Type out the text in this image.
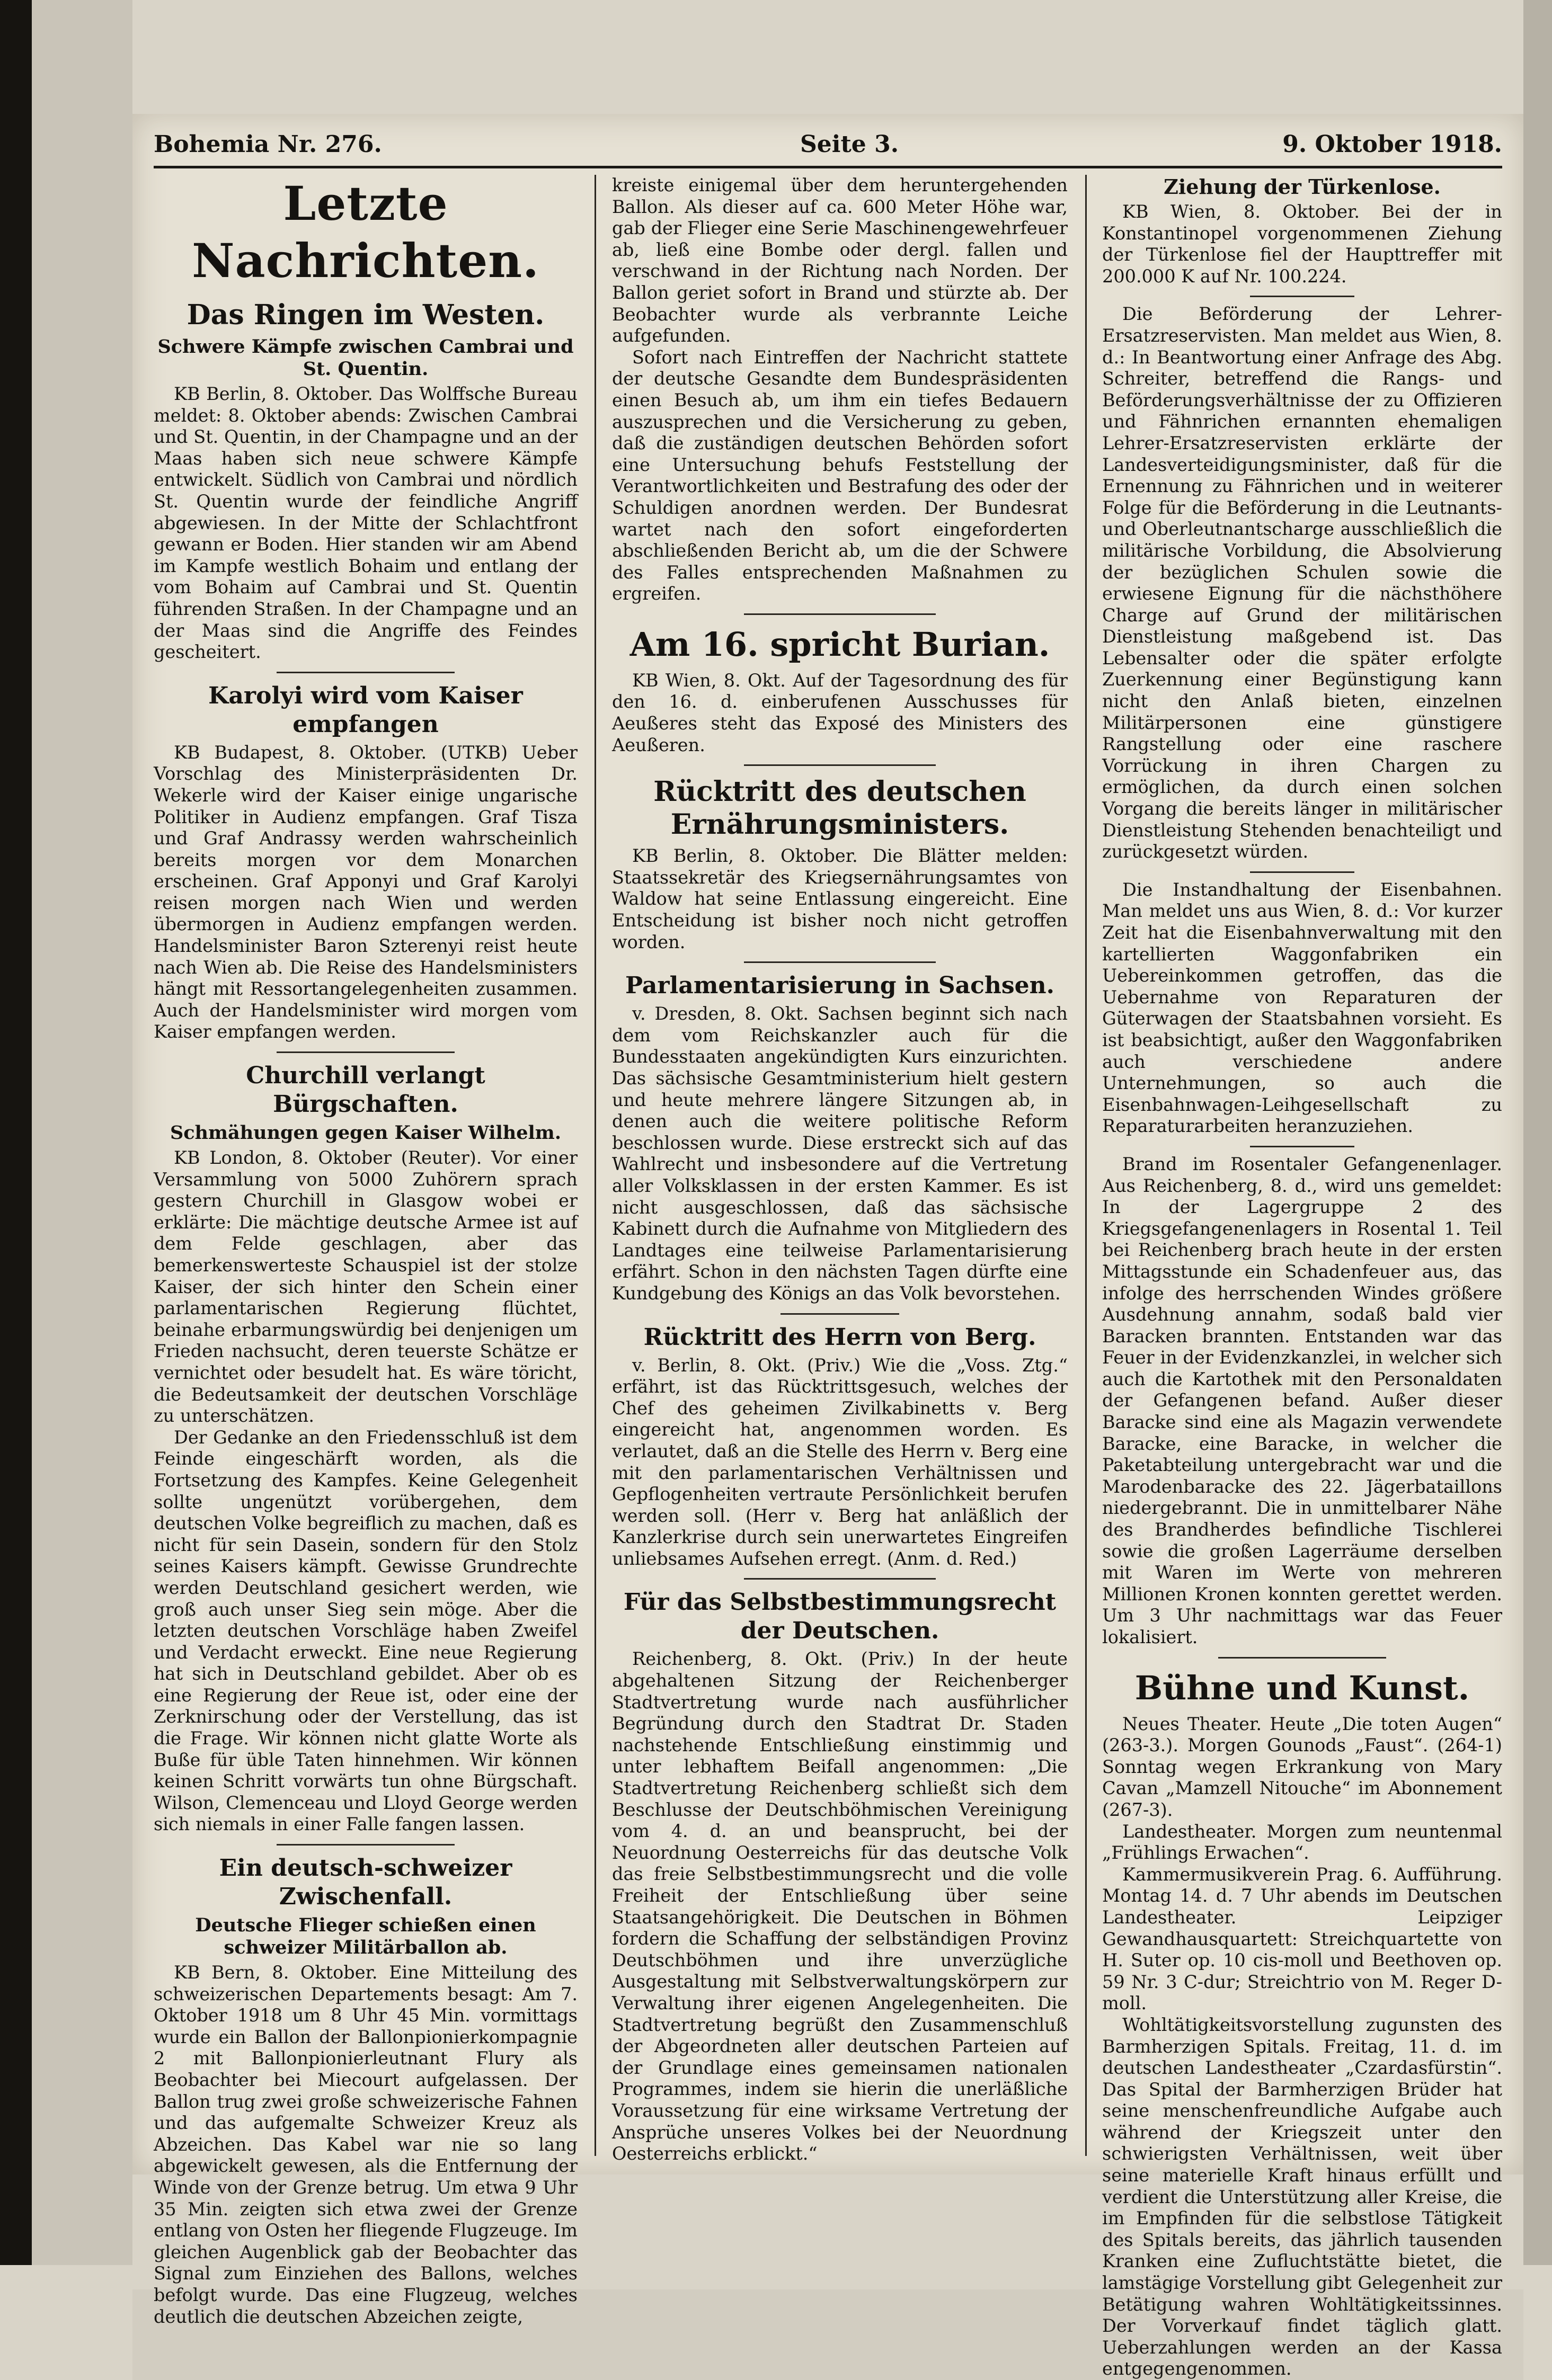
Bohemia Nr. 276.	Seite 3.	9. Oktober 1918.
Letzte Nachrichten.
Das Ringen im Westen.

Schwere Kämpfe zwischen Cambrai und St. Quentin.

KB Berlin, 8. Oktober. Das Wolffsche Bureau meldet: 8. Oktober abends: Zwischen Cambrai und St. Quentin, in der Champagne und an der Maas haben sich neue schwere Kämpfe entwickelt. Südlich von Cambrai und nördlich St. Quentin wurde der feindliche Angriff abgewiesen. In der Mitte der Schlachtfront gewann er Boden. Hier standen wir am Abend im Kampfe westlich Bohaim und entlang der vom Bohaim auf Cambrai und St. Quentin führenden Straßen. In der Champagne und an der Maas sind die Angriffe des Feindes gescheitert.

Karolyi wird vom Kaiser empfangen

KB Budapest, 8. Oktober. (UTKB) Ueber Vorschlag des Ministerpräsidenten Dr. Wekerle wird der Kaiser einige ungarische Politiker in Audienz empfangen. Graf Tisza und Graf Andrassy werden wahrscheinlich bereits morgen vor dem Monarchen erscheinen. Graf Apponyi und Graf Karolyi reisen morgen nach Wien und werden übermorgen in Audienz empfangen werden. Handelsminister Baron Szterenyi reist heute nach Wien ab. Die Reise des Handelsministers hängt mit Ressortangelegenheiten zusammen. Auch der Handelsminister wird morgen vom Kaiser empfangen werden.

Churchill verlangt Bürgschaften.

Schmähungen gegen Kaiser Wilhelm.

KB London, 8. Oktober (Reuter). Vor einer Versammlung von 5000 Zuhörern sprach gestern Churchill in Glasgow wobei er erklärte: Die mächtige deutsche Armee ist auf dem Felde geschlagen, aber das bemerkenswerteste Schauspiel ist der stolze Kaiser, der sich hinter den Schein einer parlamentarischen Regierung flüchtet, beinahe erbarmungswürdig bei denjenigen um Frieden nachsucht, deren teuerste Schätze er vernichtet oder besudelt hat. Es wäre töricht, die Bedeutsamkeit der deutschen Vorschläge zu unterschätzen.

Der Gedanke an den Friedensschluß ist dem Feinde eingeschärft worden, als die Fortsetzung des Kampfes. Keine Gelegenheit sollte ungenützt vorübergehen, dem deutschen Volke begreiflich zu machen, daß es nicht für sein Dasein, sondern für den Stolz seines Kaisers kämpft. Gewisse Grundrechte werden Deutschland gesichert werden, wie groß auch unser Sieg sein möge. Aber die letzten deutschen Vorschläge haben Zweifel und Verdacht erweckt. Eine neue Regierung hat sich in Deutschland gebildet. Aber ob es eine Regierung der Reue ist, oder eine der Zerknirschung oder der Verstellung, das ist die Frage. Wir können nicht glatte Worte als Buße für üble Taten hinnehmen. Wir können keinen Schritt vorwärts tun ohne Bürgschaft. Wilson, Clemenceau und Lloyd George werden sich niemals in einer Falle fangen lassen.

Ein deutsch-schweizer Zwischenfall.

Deutsche Flieger schießen einen schweizer Militärballon ab.

KB Bern, 8. Oktober. Eine Mitteilung des schweizerischen Departements besagt: Am 7. Oktober 1918 um 8 Uhr 45 Min. vormittags wurde ein Ballon der Ballonpionierkompagnie 2 mit Ballonpionierleutnant Flury als Beobachter bei Miecourt aufgelassen. Der Ballon trug zwei große schweizerische Fahnen und das aufgemalte Schweizer Kreuz als Abzeichen. Das Kabel war nie so lang abgewickelt gewesen, als die Entfernung der Winde von der Grenze betrug. Um etwa 9 Uhr 35 Min. zeigten sich etwa zwei der Grenze entlang von Osten her fliegende Flugzeuge. Im gleichen Augenblick gab der Beobachter das Signal zum Einziehen des Ballons, welches befolgt wurde. Das eine Flugzeug, welches deutlich die deutschen Abzeichen zeigte,

kreiste einigemal über dem heruntergehenden Ballon. Als dieser auf ca. 600 Meter Höhe war, gab der Flieger eine Serie Maschinengewehrfeuer ab, ließ eine Bombe oder dergl. fallen und verschwand in der Richtung nach Norden. Der Ballon geriet sofort in Brand und stürzte ab. Der Beobachter wurde als verbrannte Leiche aufgefunden.

Sofort nach Eintreffen der Nachricht stattete der deutsche Gesandte dem Bundespräsidenten einen Besuch ab, um ihm ein tiefes Bedauern auszusprechen und die Versicherung zu geben, daß die zuständigen deutschen Behörden sofort eine Untersuchung behufs Feststellung der Verantwortlichkeiten und Bestrafung des oder der Schuldigen anordnen werden. Der Bundesrat wartet nach den sofort eingeforderten abschließenden Bericht ab, um die der Schwere des Falles entsprechenden Maßnahmen zu ergreifen.

Am 16. spricht Burian.

KB Wien, 8. Okt. Auf der Tagesordnung des für den 16. d. einberufenen Ausschusses für Aeußeres steht das Exposé des Ministers des Aeußeren.

Rücktritt des deutschen Ernährungsministers.

KB Berlin, 8. Oktober. Die Blätter melden: Staatssekretär des Kriegsernährungsamtes von Waldow hat seine Entlassung eingereicht. Eine Entscheidung ist bisher noch nicht getroffen worden.

Parlamentarisierung in Sachsen.

v. Dresden, 8. Okt. Sachsen beginnt sich nach dem vom Reichskanzler auch für die Bundesstaaten angekündigten Kurs einzurichten. Das sächsische Gesamtministerium hielt gestern und heute mehrere längere Sitzungen ab, in denen auch die weitere politische Reform beschlossen wurde. Diese erstreckt sich auf das Wahlrecht und insbesondere auf die Vertretung aller Volksklassen in der ersten Kammer. Es ist nicht ausgeschlossen, daß das sächsische Kabinett durch die Aufnahme von Mitgliedern des Landtages eine teilweise Parlamentarisierung erfährt. Schon in den nächsten Tagen dürfte eine Kundgebung des Königs an das Volk bevorstehen.

Rücktritt des Herrn von Berg.

v. Berlin, 8. Okt. (Priv.) Wie die „Voss. Ztg.“ erfährt, ist das Rücktrittsgesuch, welches der Chef des geheimen Zivilkabinetts v. Berg eingereicht hat, angenommen worden. Es verlautet, daß an die Stelle des Herrn v. Berg eine mit den parlamentarischen Verhältnissen und Gepflogenheiten vertraute Persönlichkeit berufen werden soll. (Herr v. Berg hat anläßlich der Kanzlerkrise durch sein unerwartetes Eingreifen unliebsames Aufsehen erregt. (Anm. d. Red.)

Für das Selbstbestimmungsrecht der Deutschen.

Reichenberg, 8. Okt. (Priv.) In der heute abgehaltenen Sitzung der Reichenberger Stadtvertretung wurde nach ausführlicher Begründung durch den Stadtrat Dr. Staden nachstehende Entschließung einstimmig und unter lebhaftem Beifall angenommen: „Die Stadtvertretung Reichenberg schließt sich dem Beschlusse der Deutschböhmischen Vereinigung vom 4. d. an und beansprucht, bei der Neuordnung Oesterreichs für das deutsche Volk das freie Selbstbestimmungsrecht und die volle Freiheit der Entschließung über seine Staatsangehörigkeit. Die Deutschen in Böhmen fordern die Schaffung der selbständigen Provinz Deutschböhmen und ihre unverzügliche Ausgestaltung mit Selbstverwaltungskörpern zur Verwaltung ihrer eigenen Angelegenheiten. Die Stadtvertretung begrüßt den Zusammenschluß der Abgeordneten aller deutschen Parteien auf der Grundlage eines gemeinsamen nationalen Programmes, indem sie hierin die unerläßliche Voraussetzung für eine wirksame Vertretung der Ansprüche unseres Volkes bei der Neuordnung Oesterreichs erblickt.“

Ziehung der Türkenlose.

KB Wien, 8. Oktober. Bei der in Konstantinopel vorgenommenen Ziehung der Türkenlose fiel der Haupttreffer mit 200.000 K auf Nr. 100.224.

Die Beförderung der Lehrer-Ersatzreservisten. Man meldet aus Wien, 8. d.: In Beantwortung einer Anfrage des Abg. Schreiter, betreffend die Rangs- und Beförderungsverhältnisse der zu Offizieren und Fähnrichen ernannten ehemaligen Lehrer-Ersatzreservisten erklärte der Landesverteidigungsminister, daß für die Ernennung zu Fähnrichen und in weiterer Folge für die Beförderung in die Leutnants- und Oberleutnantscharge ausschließlich die militärische Vorbildung, die Absolvierung der bezüglichen Schulen sowie die erwiesene Eignung für die nächsthöhere Charge auf Grund der militärischen Dienstleistung maßgebend ist. Das Lebensalter oder die später erfolgte Zuerkennung einer Begünstigung kann nicht den Anlaß bieten, einzelnen Militärpersonen eine günstigere Rangstellung oder eine raschere Vorrückung in ihren Chargen zu ermöglichen, da durch einen solchen Vorgang die bereits länger in militärischer Dienstleistung Stehenden benachteiligt und zurückgesetzt würden.

Die Instandhaltung der Eisenbahnen. Man meldet uns aus Wien, 8. d.: Vor kurzer Zeit hat die Eisenbahnverwaltung mit den kartellierten Waggonfabriken ein Uebereinkommen getroffen, das die Uebernahme von Reparaturen der Güterwagen der Staatsbahnen vorsieht. Es ist beabsichtigt, außer den Waggonfabriken auch verschiedene andere Unternehmungen, so auch die Eisenbahnwagen-Leihgesellschaft zu Reparaturarbeiten heranzuziehen.

Brand im Rosentaler Gefangenenlager. Aus Reichenberg, 8. d., wird uns gemeldet: In der Lagergruppe 2 des Kriegsgefangenenlagers in Rosental 1. Teil bei Reichenberg brach heute in der ersten Mittagsstunde ein Schadenfeuer aus, das infolge des herrschenden Windes größere Ausdehnung annahm, sodaß bald vier Baracken brannten. Entstanden war das Feuer in der Evidenzkanzlei, in welcher sich auch die Kartothek mit den Personaldaten der Gefangenen befand. Außer dieser Baracke sind eine als Magazin verwendete Baracke, eine Baracke, in welcher die Paketabteilung untergebracht war und die Marodenbaracke des 22. Jägerbataillons niedergebrannt. Die in unmittelbarer Nähe des Brandherdes befindliche Tischlerei sowie die großen Lagerräume derselben mit Waren im Werte von mehreren Millionen Kronen konnten gerettet werden. Um 3 Uhr nachmittags war das Feuer lokalisiert.

Bühne und Kunst.

Neues Theater. Heute „Die toten Augen“ (263-3.). Morgen Gounods „Faust“. (264-1) Sonntag wegen Erkrankung von Mary Cavan „Mamzell Nitouche“ im Abonnement (267-3).

Landestheater. Morgen zum neuntenmal „Frühlings Erwachen“.

Kammermusikverein Prag. 6. Aufführung. Montag 14. d. 7 Uhr abends im Deutschen Landestheater. Leipziger Gewandhausquartett: Streichquartette von H. Suter op. 10 cis-moll und Beethoven op. 59 Nr. 3 C-dur; Streichtrio von M. Reger D-moll.

Wohltätigkeitsvorstellung zugunsten des Barmherzigen Spitals. Freitag, 11. d. im deutschen Landestheater „Czardasfürstin“. Das Spital der Barmherzigen Brüder hat seine menschenfreundliche Aufgabe auch während der Kriegszeit unter den schwierigsten Verhältnissen, weit über seine materielle Kraft hinaus erfüllt und verdient die Unterstützung aller Kreise, die im Empfinden für die selbstlose Tätigkeit des Spitals bereits, das jährlich tausenden Kranken eine Zufluchtstätte bietet, die lamstägige Vorstellung gibt Gelegenheit zur Betätigung wahren Wohltätigkeitssinnes. Der Vorverkauf findet täglich glatt. Ueberzahlungen werden an der Kassa entgegengenommen.
